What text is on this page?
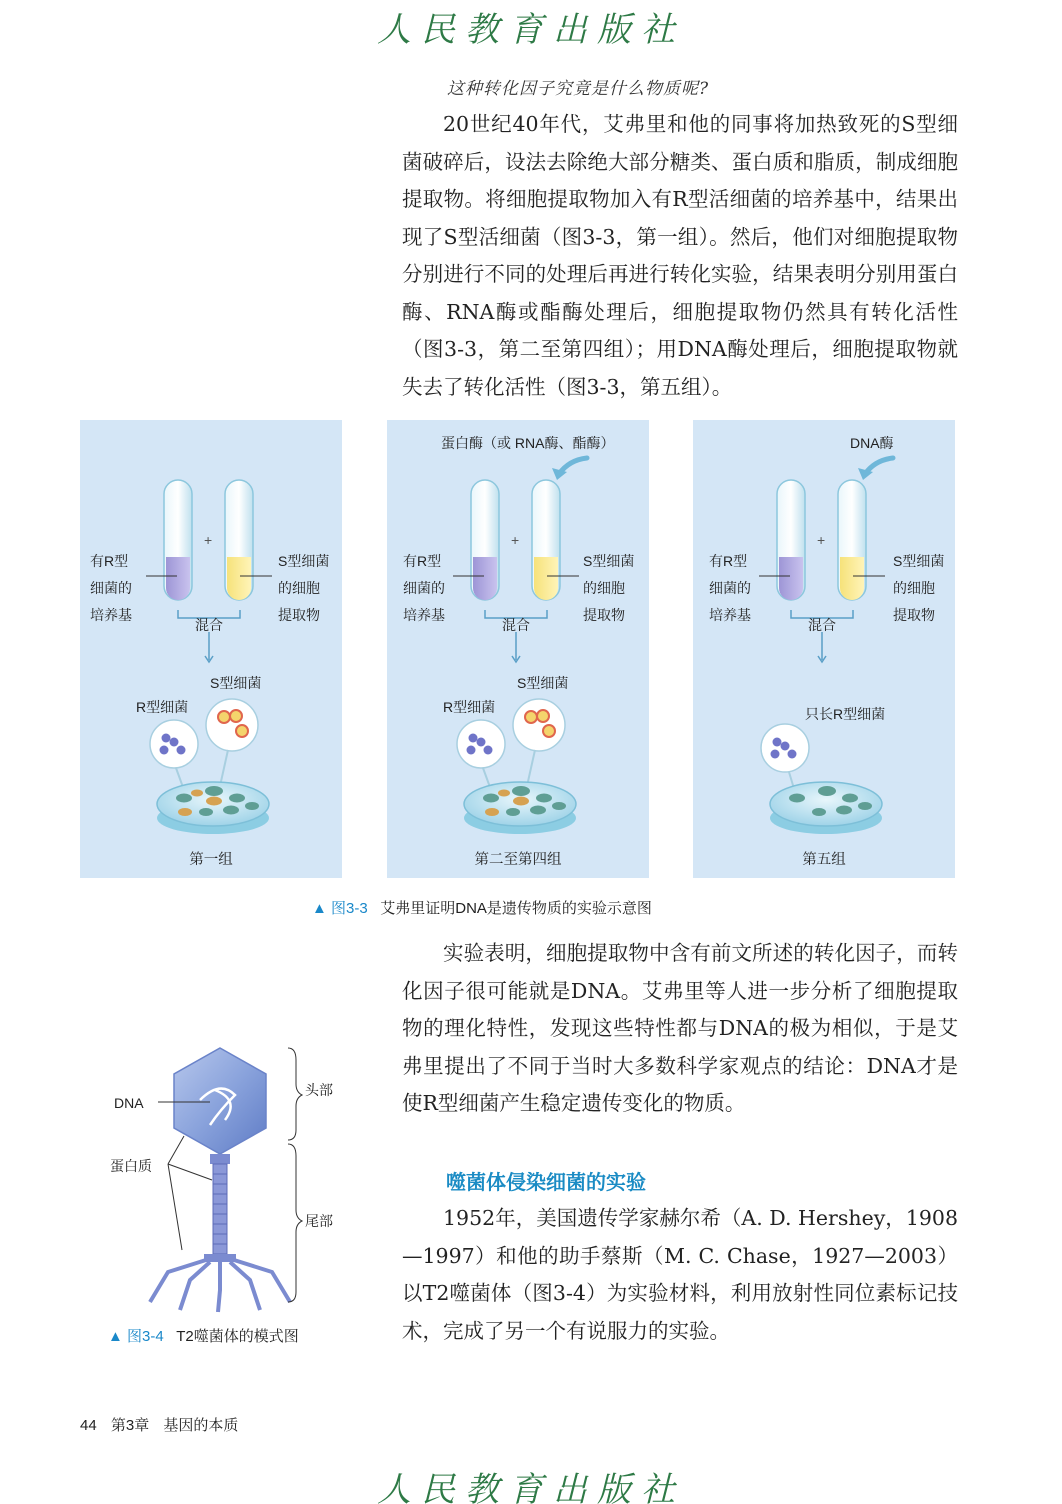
人民教育出版社
这种转化因子究竟是什么物质呢?
20世纪40年代，艾弗里和他的同事将加热致死的S型细菌破碎后，设法去除绝大部分糖类、蛋白质和脂质，制成细胞提取物。将细胞提取物加入有R型活细菌的培养基中，结果出现了S型活细菌（图3-3，第一组）。然后，他们对细胞提取物分别进行不同的处理后再进行转化实验，结果表明分别用蛋白酶、RNA酶或酯酶处理后，细胞提取物仍然具有转化活性（图3-3，第二至第四组）；用DNA酶处理后，细胞提取物就失去了转化活性（图3-3，第五组）。
+
有R型
细菌的
培养基
S型细菌
的细胞
提取物
混合
S型细菌
R型细菌
第一组
蛋白酶（或 RNA酶、酯酶）
+
有R型
细菌的
培养基
S型细菌
的细胞
提取物
混合
S型细菌
R型细菌
第二至第四组
DNA酶
+
有R型
细菌的
培养基
S型细菌
的细胞
提取物
混合
只长R型细菌
第五组
▲ 图3-3 艾弗里证明DNA是遗传物质的实验示意图
实验表明，细胞提取物中含有前文所述的转化因子，而转化因子很可能就是DNA。艾弗里等人进一步分析了细胞提取物的理化特性，发现这些特性都与DNA的极为相似，于是艾弗里提出了不同于当时大多数科学家观点的结论：DNA才是使R型细菌产生稳定遗传变化的物质。
DNA
蛋白质
头部
尾部
▲ 图3-4 T2噬菌体的模式图
噬菌体侵染细菌的实验
1952年，美国遗传学家赫尔希（A. D. Hershey，1908—1997）和他的助手蔡斯（M. C. Chase，1927—2003）以T2噬菌体（图3-4）为实验材料，利用放射性同位素标记技术，完成了另一个有说服力的实验。
44 第3章 基因的本质
人民教育出版社
